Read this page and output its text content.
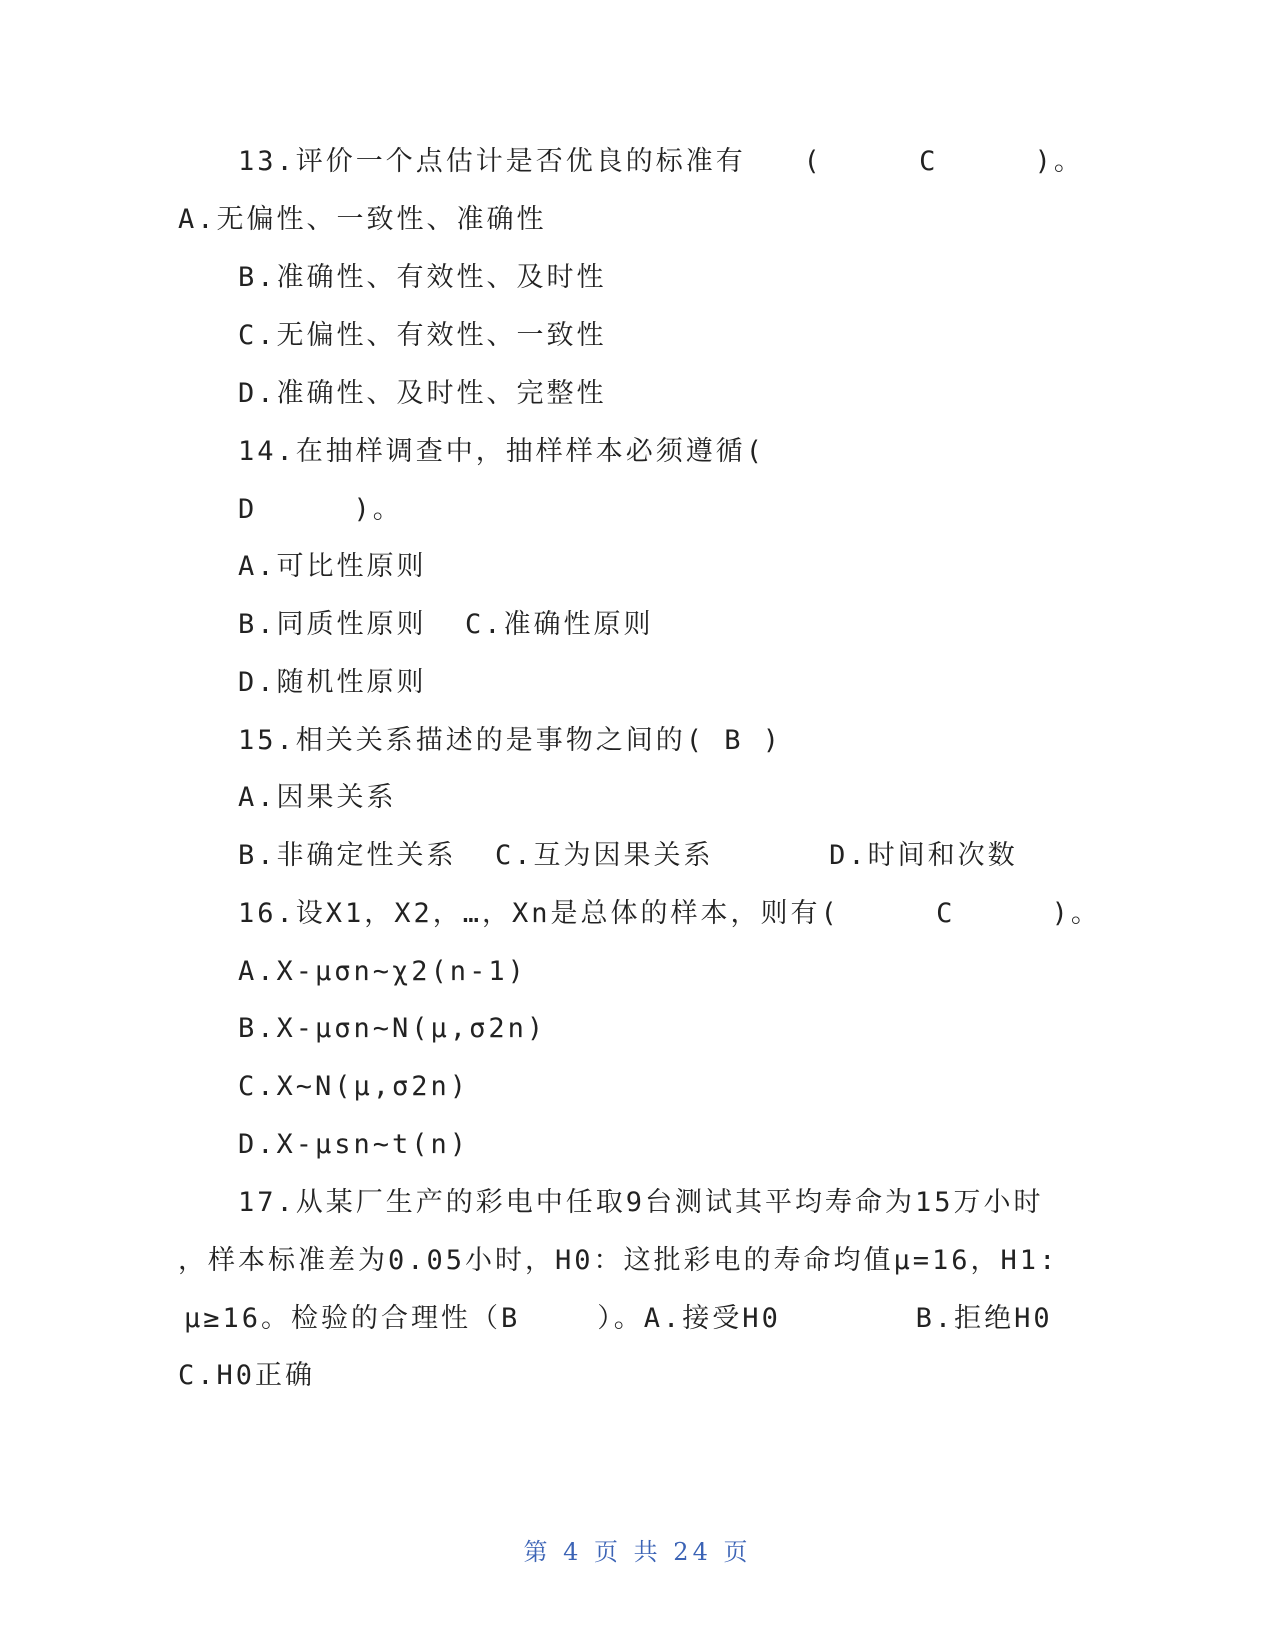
13.评价一个点估计是否优良的标准有   (     C     )。
A.无偏性、一致性、准确性
B.准确性、有效性、及时性
C.无偏性、有效性、一致性
D.准确性、及时性、完整性
14.在抽样调查中，抽样样本必须遵循(
D     )。
A.可比性原则
B.同质性原则  C.准确性原则
D.随机性原则
15.相关关系描述的是事物之间的( B )
A.因果关系
B.非确定性关系  C.互为因果关系      D.时间和次数
16.设X1，X2，…，Xn是总体的样本，则有(     C     )。
A.X-μσn~χ2(n-1)
B.X-μσn~N(μ,σ2n)
C.X~N(μ,σ2n)
D.X-μsn~t(n)
17.从某厂生产的彩电中任取9台测试其平均寿命为15万小时
，样本标准差为0.05小时，H0：这批彩电的寿命均值μ=16，H1:
μ≥16。检验的合理性（B    ）。A.接受H0       B.拒绝H0
C.H0正确
第 4 页 共 24 页
